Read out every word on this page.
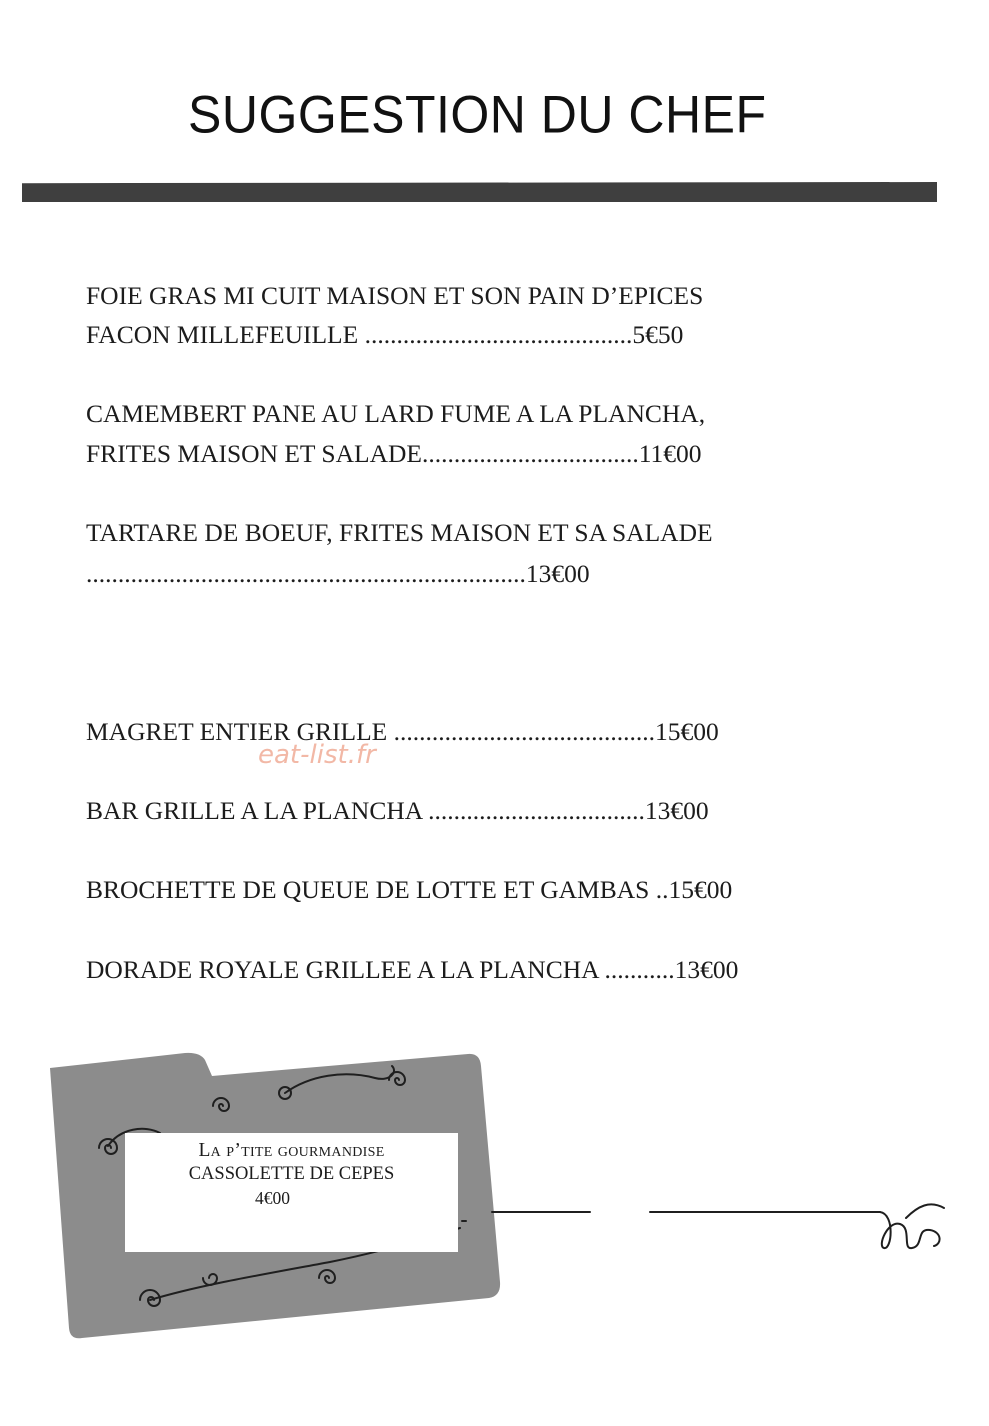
SUGGESTION DU CHEF
FOIE GRAS MI CUIT MAISON ET SON PAIN D’EPICES
FACON MILLEFEUILLE ..........................................5€50
CAMEMBERT PANE AU LARD FUME A LA PLANCHA,
FRITES MAISON ET SALADE..................................11€00
TARTARE DE BOEUF, FRITES MAISON ET SA SALADE
.....................................................................13€00
MAGRET ENTIER GRILLE .........................................15€00
eat-list.fr
BAR GRILLE A LA PLANCHA ..................................13€00
BROCHETTE DE QUEUE DE LOTTE ET GAMBAS ..15€00
DORADE ROYALE GRILLEE A LA PLANCHA ...........13€00
La p’tite gourmandise
CASSOLETTE DE CEPES
4€00
